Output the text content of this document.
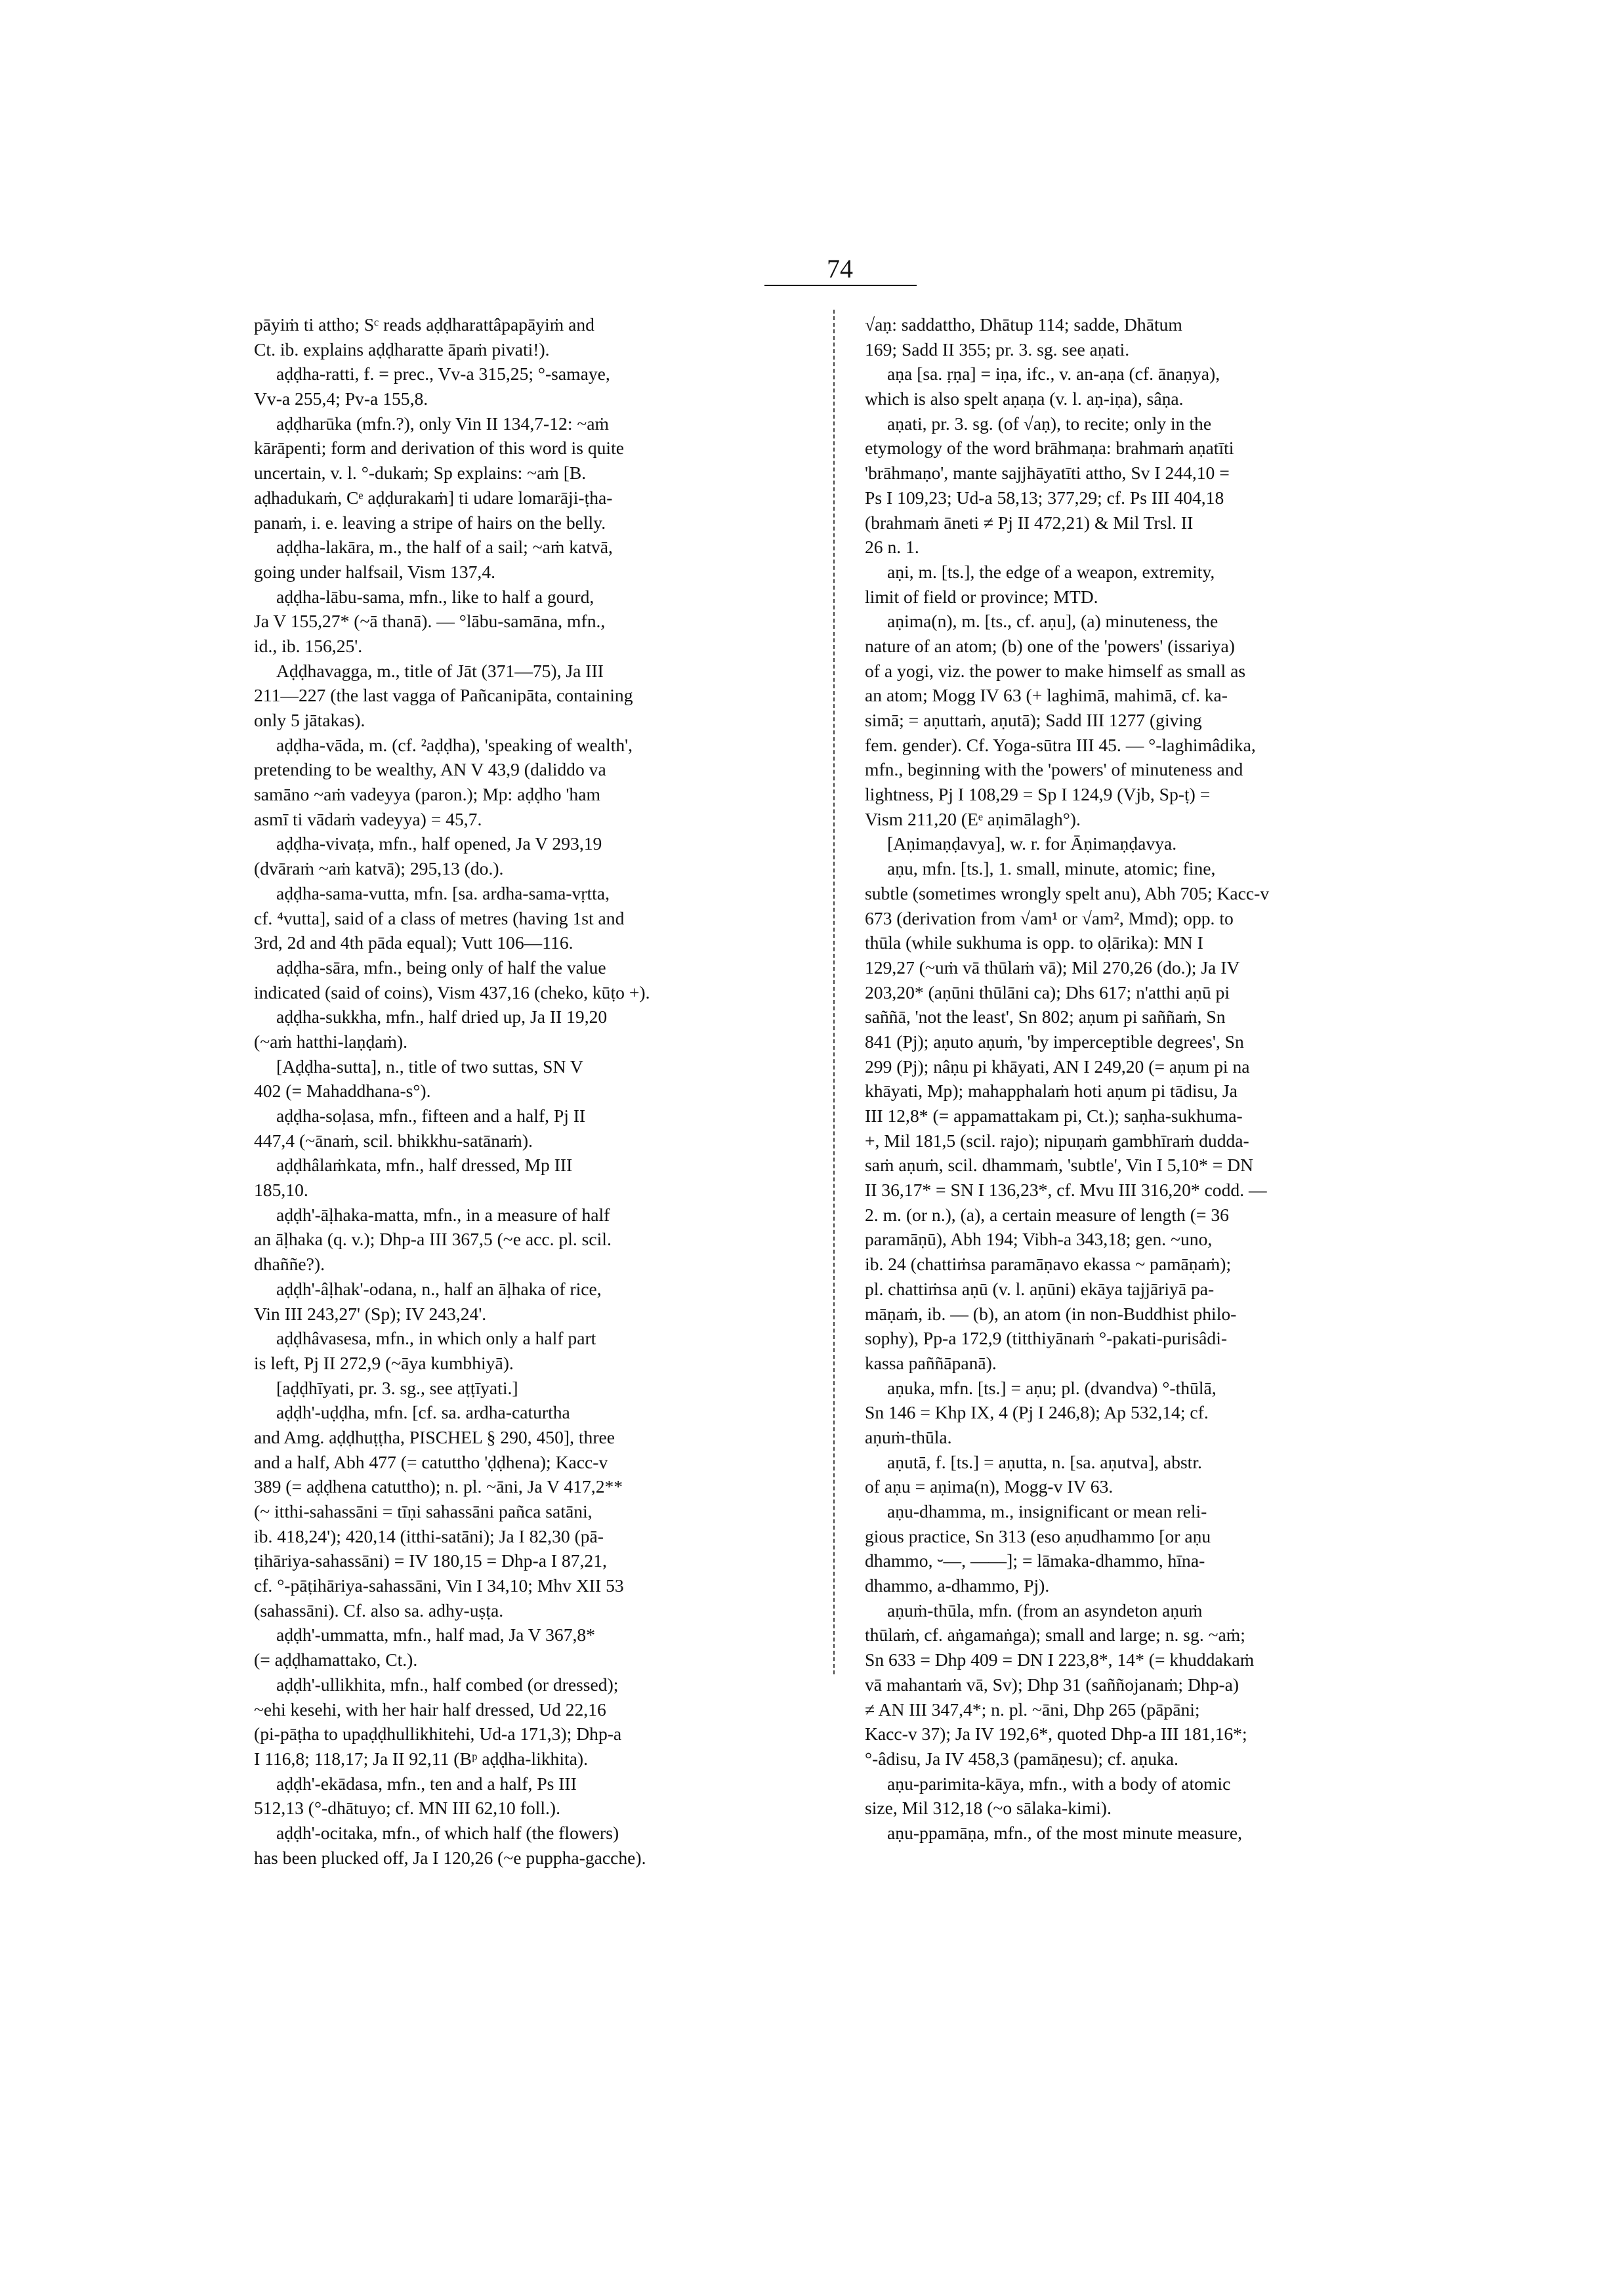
74
pāyiṁ ti attho; Sᶜ reads aḍḍharattâpapāyiṁ and
Ct. ib. explains aḍḍharatte āpaṁ pivati!).
aḍḍha-ratti, f. = prec., Vv-a 315,25; °-samaye,
Vv-a 255,4; Pv-a 155,8.
aḍḍharūka (mfn.?), only Vin II 134,7-12: ~aṁ
kārāpenti; form and derivation of this word is quite
uncertain, v. l. °-dukaṁ; Sp explains: ~aṁ [B.
aḍhadukaṁ, Cᵉ aḍḍurakaṁ] ti udare lomarāji-ṭha-
panaṁ, i. e. leaving a stripe of hairs on the belly.
aḍḍha-lakāra, m., the half of a sail; ~aṁ katvā,
going under halfsail, Vism 137,4.
aḍḍha-lābu-sama, mfn., like to half a gourd,
Ja V 155,27* (~ā thanā). — °lābu-samāna, mfn.,
id., ib. 156,25'.
Aḍḍhavagga, m., title of Jāt (371—75), Ja III
211—227 (the last vagga of Pañcanipāta, containing
only 5 jātakas).
aḍḍha-vāda, m. (cf. ²aḍḍha), 'speaking of wealth',
pretending to be wealthy, AN V 43,9 (daliddo va
samāno ~aṁ vadeyya (paron.); Mp: aḍḍho 'ham
asmī ti vādaṁ vadeyya) = 45,7.
aḍḍha-vivaṭa, mfn., half opened, Ja V 293,19
(dvāraṁ ~aṁ katvā); 295,13 (do.).
aḍḍha-sama-vutta, mfn. [sa. ardha-sama-vṛtta,
cf. ⁴vutta], said of a class of metres (having 1st and
3rd, 2d and 4th pāda equal); Vutt 106—116.
aḍḍha-sāra, mfn., being only of half the value
indicated (said of coins), Vism 437,16 (cheko, kūṭo +).
aḍḍha-sukkha, mfn., half dried up, Ja II 19,20
(~aṁ hatthi-laṇḍaṁ).
[Aḍḍha-sutta], n., title of two suttas, SN V
402 (= Mahaddhana-s°).
aḍḍha-soḷasa, mfn., fifteen and a half, Pj II
447,4 (~ānaṁ, scil. bhikkhu-satānaṁ).
aḍḍhâlaṁkata, mfn., half dressed, Mp III
185,10.
aḍḍh'-āḷhaka-matta, mfn., in a measure of half
an āḷhaka (q. v.); Dhp-a III 367,5 (~e acc. pl. scil.
dhaññe?).
aḍḍh'-âḷhak'-odana, n., half an āḷhaka of rice,
Vin III 243,27' (Sp); IV 243,24'.
aḍḍhâvasesa, mfn., in which only a half part
is left, Pj II 272,9 (~āya kumbhiyā).
[aḍḍhīyati, pr. 3. sg., see aṭṭīyati.]
aḍḍh'-uḍḍha, mfn. [cf. sa. ardha-caturtha
and Amg. aḍḍhuṭṭha, PISCHEL § 290, 450], three
and a half, Abh 477 (= catuttho 'ḍḍhena); Kacc-v
389 (= aḍḍhena catuttho); n. pl. ~āni, Ja V 417,2**
(~ itthi-sahassāni = tīṇi sahassāni pañca satāni,
ib. 418,24'); 420,14 (itthi-satāni); Ja I 82,30 (pā-
ṭihāriya-sahassāni) = IV 180,15 = Dhp-a I 87,21,
cf. °-pāṭihāriya-sahassāni, Vin I 34,10; Mhv XII 53
(sahassāni). Cf. also sa. adhy-uṣṭa.
aḍḍh'-ummatta, mfn., half mad, Ja V 367,8*
(= aḍḍhamattako, Ct.).
aḍḍh'-ullikhita, mfn., half combed (or dressed);
~ehi kesehi, with her hair half dressed, Ud 22,16
(pi-pāṭha to upaḍḍhullikhitehi, Ud-a 171,3); Dhp-a
I 116,8; 118,17; Ja II 92,11 (Bᵖ aḍḍha-likhita).
aḍḍh'-ekādasa, mfn., ten and a half, Ps III
512,13 (°-dhātuyo; cf. MN III 62,10 foll.).
aḍḍh'-ocitaka, mfn., of which half (the flowers)
has been plucked off, Ja I 120,26 (~e puppha-gacche).
√aṇ: saddattho, Dhātup 114; sadde, Dhātum
169; Sadd II 355; pr. 3. sg. see aṇati.
aṇa [sa. ṛṇa] = iṇa, ifc., v. an-aṇa (cf. ānaṇya),
which is also spelt aṇaṇa (v. l. aṇ-iṇa), sâṇa.
aṇati, pr. 3. sg. (of √aṇ), to recite; only in the
etymology of the word brāhmaṇa: brahmaṁ aṇatīti
'brāhmaṇo', mante sajjhāyatīti attho, Sv I 244,10 =
Ps I 109,23; Ud-a 58,13; 377,29; cf. Ps III 404,18
(brahmaṁ āneti ≠ Pj II 472,21) & Mil Trsl. II
26 n. 1.
aṇi, m. [ts.], the edge of a weapon, extremity,
limit of field or province; MTD.
aṇima(n), m. [ts., cf. aṇu], (a) minuteness, the
nature of an atom; (b) one of the 'powers' (issariya)
of a yogi, viz. the power to make himself as small as
an atom; Mogg IV 63 (+ laghimā, mahimā, cf. ka-
simā; = aṇuttaṁ, aṇutā); Sadd III 1277 (giving
fem. gender). Cf. Yoga-sūtra III 45. — °-laghimâdika,
mfn., beginning with the 'powers' of minuteness and
lightness, Pj I 108,29 = Sp I 124,9 (Vjb, Sp-ṭ) =
Vism 211,20 (Eᵉ aṇimālagh°).
[Aṇimaṇḍavya], w. r. for Āṇimaṇḍavya.
aṇu, mfn. [ts.], 1. small, minute, atomic; fine,
subtle (sometimes wrongly spelt anu), Abh 705; Kacc-v
673 (derivation from √am¹ or √am², Mmd); opp. to
thūla (while sukhuma is opp. to oḷārika): MN I
129,27 (~uṁ vā thūlaṁ vā); Mil 270,26 (do.); Ja IV
203,20* (aṇūni thūlāni ca); Dhs 617; n'atthi aṇū pi
saññā, 'not the least', Sn 802; aṇum pi saññaṁ, Sn
841 (Pj); aṇuto aṇuṁ, 'by imperceptible degrees', Sn
299 (Pj); nâṇu pi khāyati, AN I 249,20 (= aṇum pi na
khāyati, Mp); mahapphalaṁ hoti aṇum pi tādisu, Ja
III 12,8* (= appamattakam pi, Ct.); saṇha-sukhuma-
+, Mil 181,5 (scil. rajo); nipuṇaṁ gambhīraṁ dudda-
saṁ aṇuṁ, scil. dhammaṁ, 'subtle', Vin I 5,10* = DN
II 36,17* = SN I 136,23*, cf. Mvu III 316,20* codd. —
2. m. (or n.), (a), a certain measure of length (= 36
paramāṇū), Abh 194; Vibh-a 343,18; gen. ~uno,
ib. 24 (chattiṁsa paramāṇavo ekassa ~ pamāṇaṁ);
pl. chattiṁsa aṇū (v. l. aṇūni) ekāya tajjāriyā pa-
māṇaṁ, ib. — (b), an atom (in non-Buddhist philo-
sophy), Pp-a 172,9 (titthiyānaṁ °-pakati-purisâdi-
kassa paññāpanā).
aṇuka, mfn. [ts.] = aṇu; pl. (dvandva) °-thūlā,
Sn 146 = Khp IX, 4 (Pj I 246,8); Ap 532,14; cf.
aṇuṁ-thūla.
aṇutā, f. [ts.] = aṇutta, n. [sa. aṇutva], abstr.
of aṇu = aṇima(n), Mogg-v IV 63.
aṇu-dhamma, m., insignificant or mean reli-
gious practice, Sn 313 (eso aṇudhammo [or aṇu
dhammo, ⏑—, ——]; = lāmaka-dhammo, hīna-
dhammo, a-dhammo, Pj).
aṇuṁ-thūla, mfn. (from an asyndeton aṇuṁ
thūlaṁ, cf. aṅgamaṅga); small and large; n. sg. ~aṁ;
Sn 633 = Dhp 409 = DN I 223,8*, 14* (= khuddakaṁ
vā mahantaṁ vā, Sv); Dhp 31 (saññojanaṁ; Dhp-a)
≠ AN III 347,4*; n. pl. ~āni, Dhp 265 (pāpāni;
Kacc-v 37); Ja IV 192,6*, quoted Dhp-a III 181,16*;
°-âdisu, Ja IV 458,3 (pamāṇesu); cf. aṇuka.
aṇu-parimita-kāya, mfn., with a body of atomic
size, Mil 312,18 (~o sālaka-kimi).
aṇu-ppamāṇa, mfn., of the most minute measure,
